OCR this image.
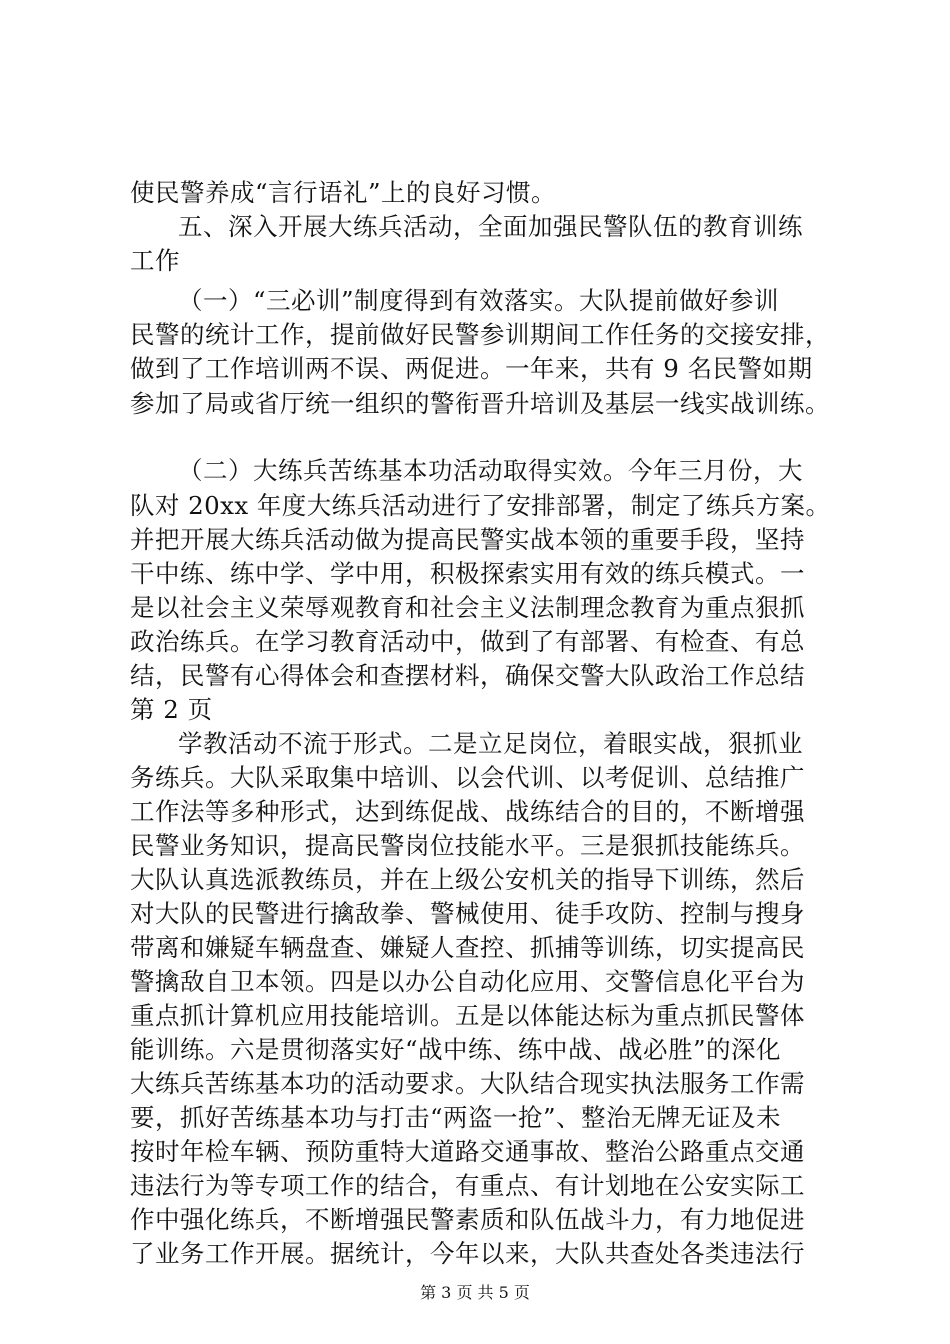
使民警养成“言行语礼”上的良好习惯。
五、深入开展大练兵活动，全面加强民警队伍的教育训练
工作
（一）“三必训”制度得到有效落实。大队提前做好参训
民警的统计工作，提前做好民警参训期间工作任务的交接安排，
做到了工作培训两不误、两促进。一年来，共有 9 名民警如期
参加了局或省厅统一组织的警衔晋升培训及基层一线实战训练。
（二）大练兵苦练基本功活动取得实效。今年三月份，大
队对 20xx 年度大练兵活动进行了安排部署，制定了练兵方案。
并把开展大练兵活动做为提高民警实战本领的重要手段，坚持
干中练、练中学、学中用，积极探索实用有效的练兵模式。一
是以社会主义荣辱观教育和社会主义法制理念教育为重点狠抓
政治练兵。在学习教育活动中，做到了有部署、有检查、有总
结，民警有心得体会和查摆材料，确保交警大队政治工作总结
第 2 页
学教活动不流于形式。二是立足岗位，着眼实战，狠抓业
务练兵。大队采取集中培训、以会代训、以考促训、总结推广
工作法等多种形式，达到练促战、战练结合的目的，不断增强
民警业务知识，提高民警岗位技能水平。三是狠抓技能练兵。
大队认真选派教练员，并在上级公安机关的指导下训练，然后
对大队的民警进行擒敌拳、警械使用、徒手攻防、控制与搜身
带离和嫌疑车辆盘查、嫌疑人查控、抓捕等训练，切实提高民
警擒敌自卫本领。四是以办公自动化应用、交警信息化平台为
重点抓计算机应用技能培训。五是以体能达标为重点抓民警体
能训练。六是贯彻落实好“战中练、练中战、战必胜”的深化
大练兵苦练基本功的活动要求。大队结合现实执法服务工作需
要，抓好苦练基本功与打击“两盗一抢”、整治无牌无证及未
按时年检车辆、预防重特大道路交通事故、整治公路重点交通
违法行为等专项工作的结合，有重点、有计划地在公安实际工
作中强化练兵，不断增强民警素质和队伍战斗力，有力地促进
了业务工作开展。据统计，今年以来，大队共查处各类违法行
第 3 页 共 5 页
